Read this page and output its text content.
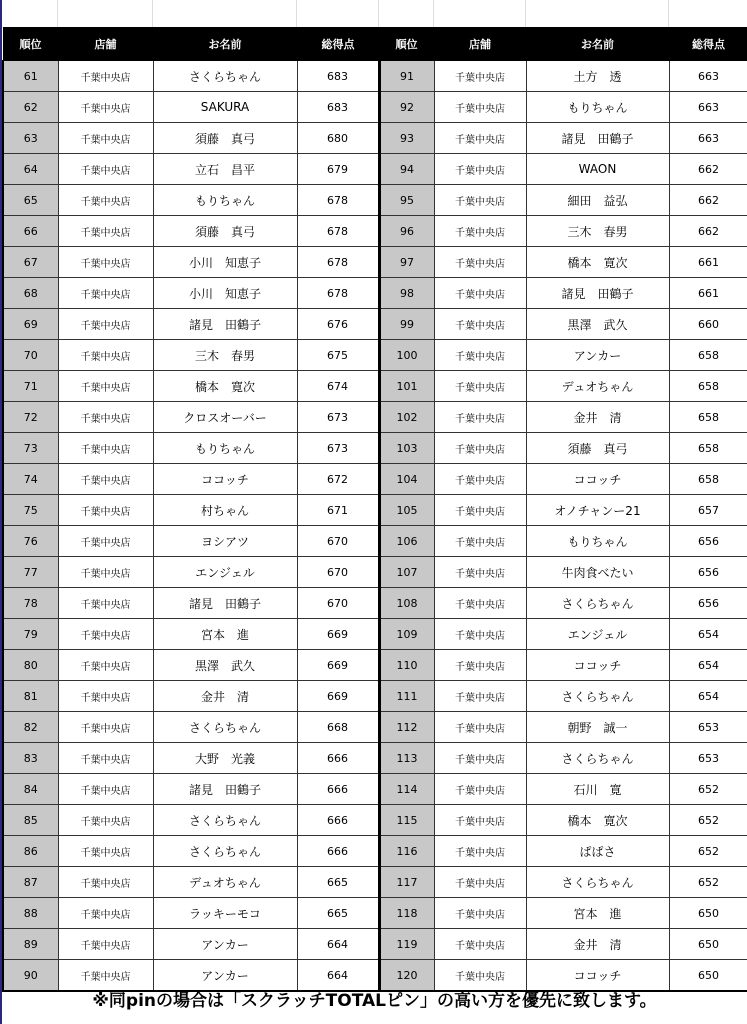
順位	店舗	お名前	総得点	順位	店舗	お名前	総得点
61	千葉中央店	さくらちゃん	683	91	千葉中央店	土方　透	663
62	千葉中央店	SAKURA	683	92	千葉中央店	もりちゃん	663
63	千葉中央店	須藤　真弓	680	93	千葉中央店	諸見　田鶴子	663
64	千葉中央店	立石　昌平	679	94	千葉中央店	WAON	662
65	千葉中央店	もりちゃん	678	95	千葉中央店	細田　益弘	662
66	千葉中央店	須藤　真弓	678	96	千葉中央店	三木　春男	662
67	千葉中央店	小川　知恵子	678	97	千葉中央店	橋本　寛次	661
68	千葉中央店	小川　知恵子	678	98	千葉中央店	諸見　田鶴子	661
69	千葉中央店	諸見　田鶴子	676	99	千葉中央店	黒澤　武久	660
70	千葉中央店	三木　春男	675	100	千葉中央店	アンカー	658
71	千葉中央店	橋本　寛次	674	101	千葉中央店	デュオちゃん	658
72	千葉中央店	クロスオーバー	673	102	千葉中央店	金井　清	658
73	千葉中央店	もりちゃん	673	103	千葉中央店	須藤　真弓	658
74	千葉中央店	ココッチ	672	104	千葉中央店	ココッチ	658
75	千葉中央店	村ちゃん	671	105	千葉中央店	オノチャンー21	657
76	千葉中央店	ヨシアツ	670	106	千葉中央店	もりちゃん	656
77	千葉中央店	エンジェル	670	107	千葉中央店	牛肉食べたい	656
78	千葉中央店	諸見　田鶴子	670	108	千葉中央店	さくらちゃん	656
79	千葉中央店	宮本　進	669	109	千葉中央店	エンジェル	654
80	千葉中央店	黒澤　武久	669	110	千葉中央店	ココッチ	654
81	千葉中央店	金井　清	669	111	千葉中央店	さくらちゃん	654
82	千葉中央店	さくらちゃん	668	112	千葉中央店	朝野　誠一	653
83	千葉中央店	大野　光義	666	113	千葉中央店	さくらちゃん	653
84	千葉中央店	諸見　田鶴子	666	114	千葉中央店	石川　寛	652
85	千葉中央店	さくらちゃん	666	115	千葉中央店	橋本　寛次	652
86	千葉中央店	さくらちゃん	666	116	千葉中央店	ぱぱさ	652
87	千葉中央店	デュオちゃん	665	117	千葉中央店	さくらちゃん	652
88	千葉中央店	ラッキーモコ	665	118	千葉中央店	宮本　進	650
89	千葉中央店	アンカー	664	119	千葉中央店	金井　清	650
90	千葉中央店	アンカー	664	120	千葉中央店	ココッチ	650
※同pinの場合は「スクラッチTOTALピン」の高い方を優先に致します。
